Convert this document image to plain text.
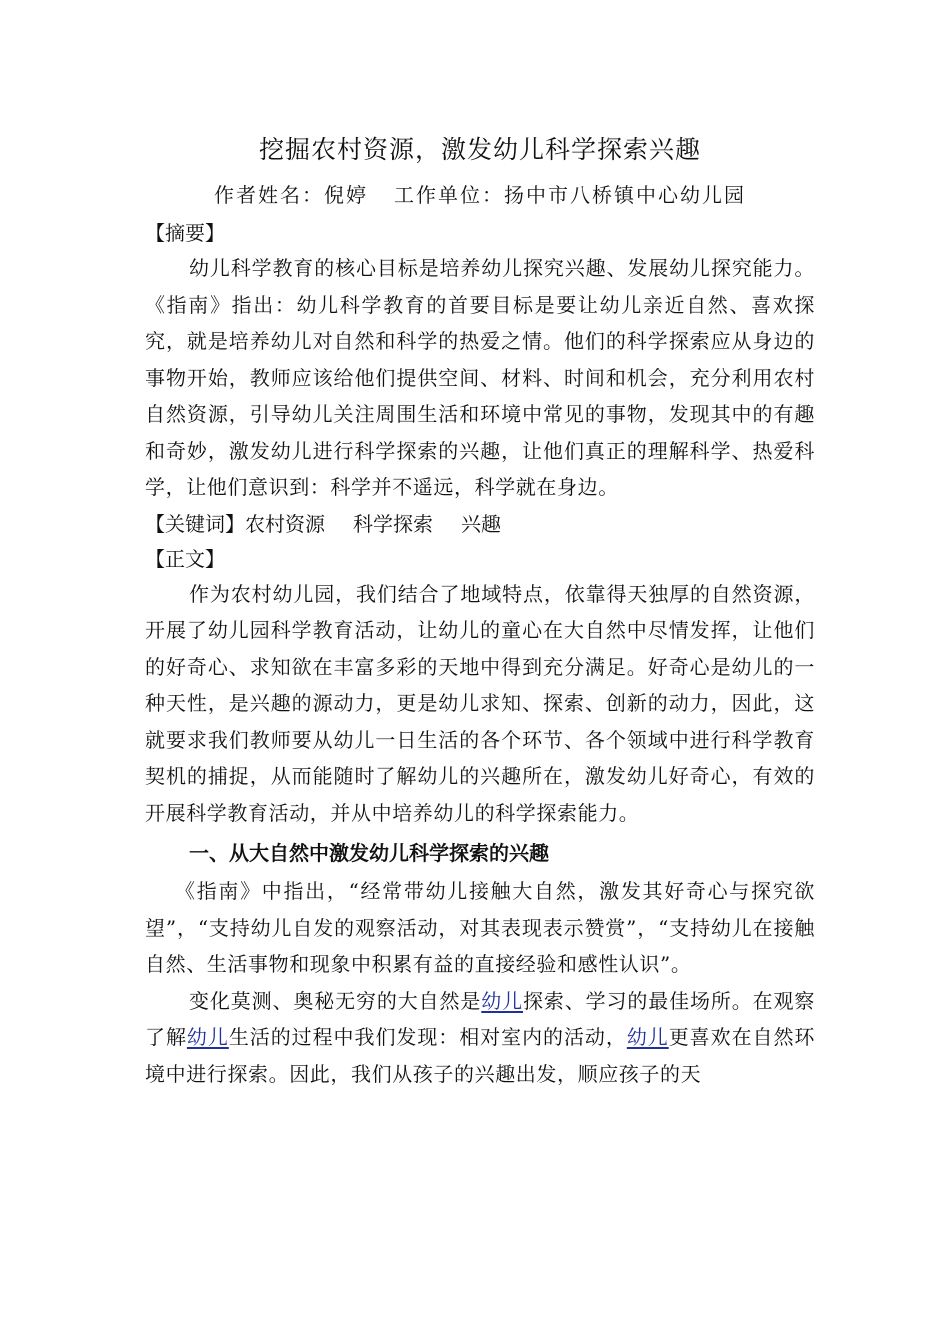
挖掘农村资源，激发幼儿科学探索兴趣

作者姓名：倪婷 工作单位：扬中市八桥镇中心幼儿园

【摘要】

幼儿科学教育的核心目标是培养幼儿探究兴趣、发展幼儿探究能力。《指南》指出：幼儿科学教育的首要目标是要让幼儿亲近自然、喜欢探究，就是培养幼儿对自然和科学的热爱之情。他们的科学探索应从身边的事物开始，教师应该给他们提供空间、材料、时间和机会，充分利用农村自然资源，引导幼儿关注周围生活和环境中常见的事物，发现其中的有趣和奇妙，激发幼儿进行科学探索的兴趣，让他们真正的理解科学、热爱科学，让他们意识到：科学并不遥远，科学就在身边。

【关键词】农村资源 科学探索 兴趣

【正文】

作为农村幼儿园，我们结合了地域特点，依靠得天独厚的自然资源，开展了幼儿园科学教育活动，让幼儿的童心在大自然中尽情发挥，让他们的好奇心、求知欲在丰富多彩的天地中得到充分满足。好奇心是幼儿的一种天性，是兴趣的源动力，更是幼儿求知、探索、创新的动力，因此，这就要求我们教师要从幼儿一日生活的各个环节、各个领域中进行科学教育契机的捕捉，从而能随时了解幼儿的兴趣所在，激发幼儿好奇心，有效的开展科学教育活动，并从中培养幼儿的科学探索能力。

一、从大自然中激发幼儿科学探索的兴趣

《指南》中指出，“经常带幼儿接触大自然，激发其好奇心与探究欲望”，“支持幼儿自发的观察活动，对其表现表示赞赏”，“支持幼儿在接触自然、生活事物和现象中积累有益的直接经验和感性认识”。

变化莫测、奥秘无穷的大自然是幼儿探索、学习的最佳场所。在观察了解幼儿生活的过程中我们发现：相对室内的活动，幼儿更喜欢在自然环境中进行探索。因此，我们从孩子的兴趣出发，顺应孩子的天
